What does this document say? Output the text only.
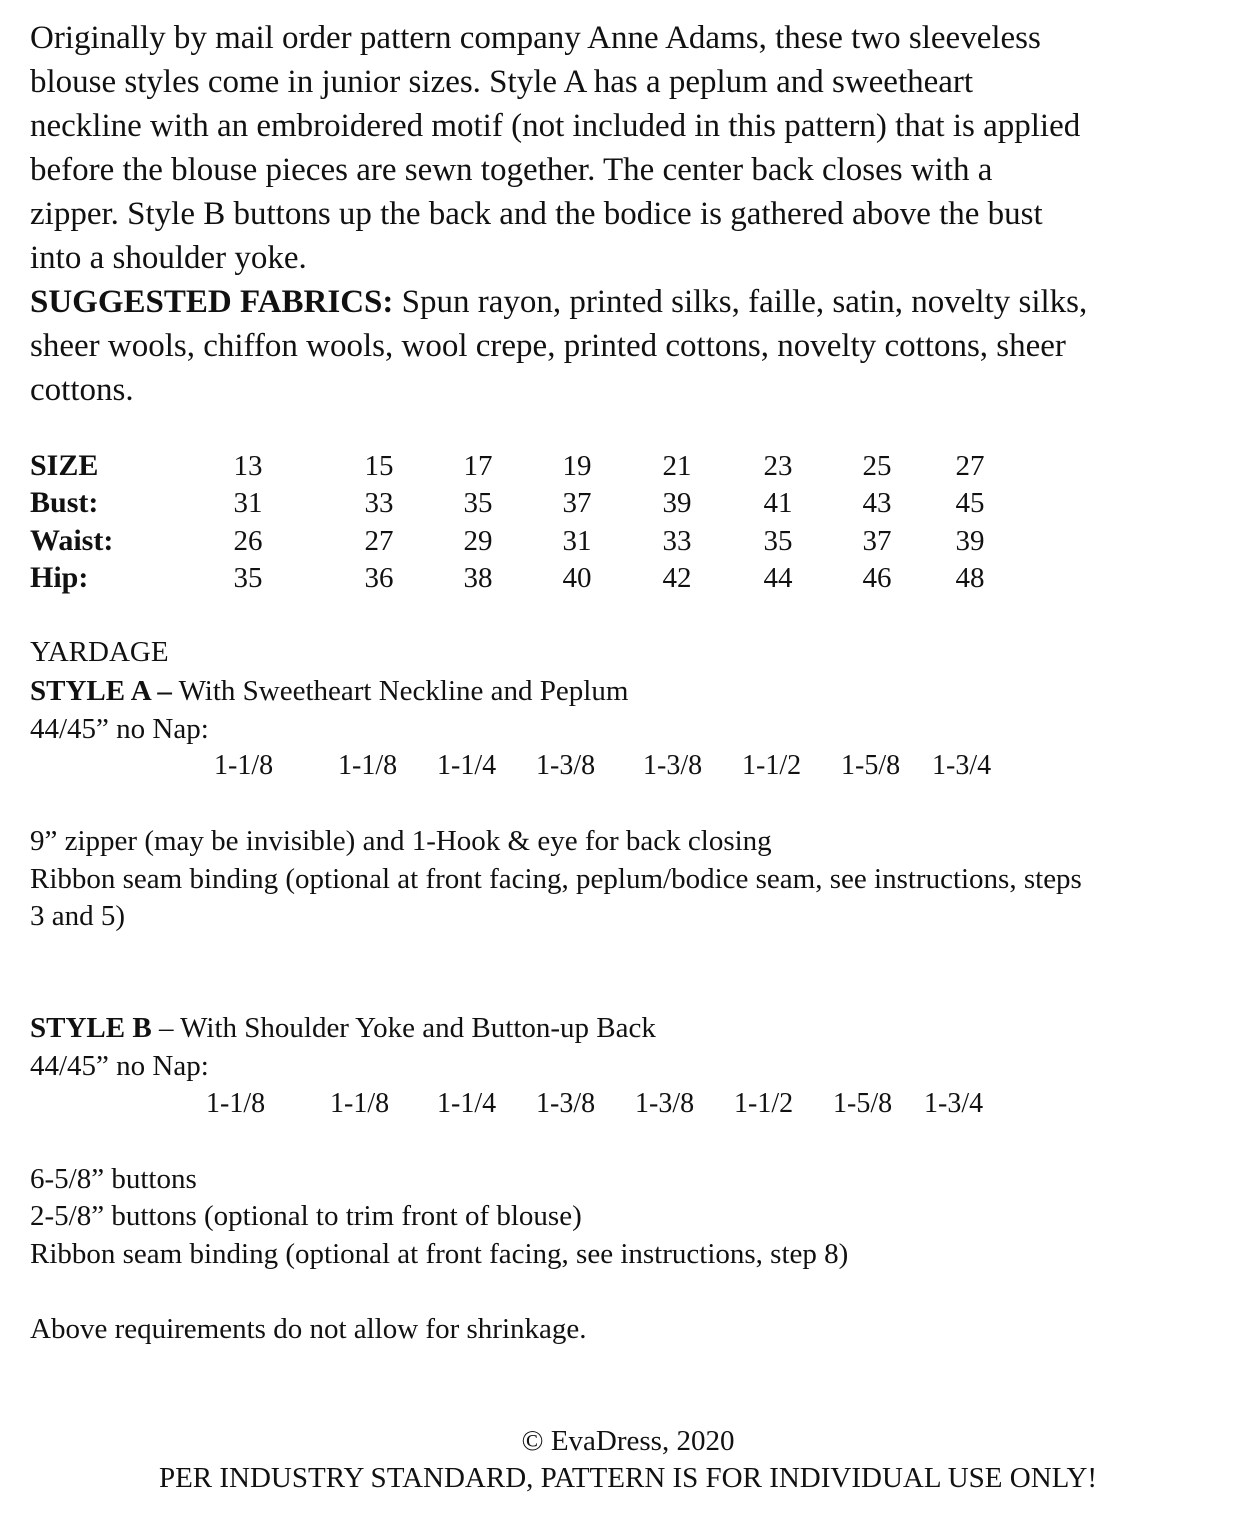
Originally by mail order pattern company Anne Adams, these two sleeveless
blouse styles come in junior sizes. Style A has a peplum and sweetheart
neckline with an embroidered motif (not included in this pattern) that is applied
before the blouse pieces are sewn together. The center back closes with a
zipper. Style B buttons up the back and the bodice is gathered above the bust
into a shoulder yoke.
SUGGESTED FABRICS: Spun rayon, printed silks, faille, satin, novelty silks,
sheer wools, chiffon wools, wool crepe, printed cottons, novelty cottons, sheer
cottons.
SIZE	13	15	17	19	21	23	25	27
Bust:	31	33	35	37	39	41	43	45
Waist:	26	27	29	31	33	35	37	39
Hip:	35	36	38	40	42	44	46	48
YARDAGE
STYLE A – With Sweetheart Neckline and Peplum
44/45” no Nap:
1-1/8 1-1/8 1-1/4 1-3/8 1-3/8 1-1/2 1-5/8 1-3/4
9” zipper (may be invisible) and 1-Hook & eye for back closing
Ribbon seam binding (optional at front facing, peplum/bodice seam, see instructions, steps
3 and 5)
STYLE B – With Shoulder Yoke and Button-up Back
44/45” no Nap:
1-1/8 1-1/8 1-1/4 1-3/8 1-3/8 1-1/2 1-5/8 1-3/4
6-5/8” buttons
2-5/8” buttons (optional to trim front of blouse)
Ribbon seam binding (optional at front facing, see instructions, step 8)
Above requirements do not allow for shrinkage.
© EvaDress, 2020
PER INDUSTRY STANDARD, PATTERN IS FOR INDIVIDUAL USE ONLY!
